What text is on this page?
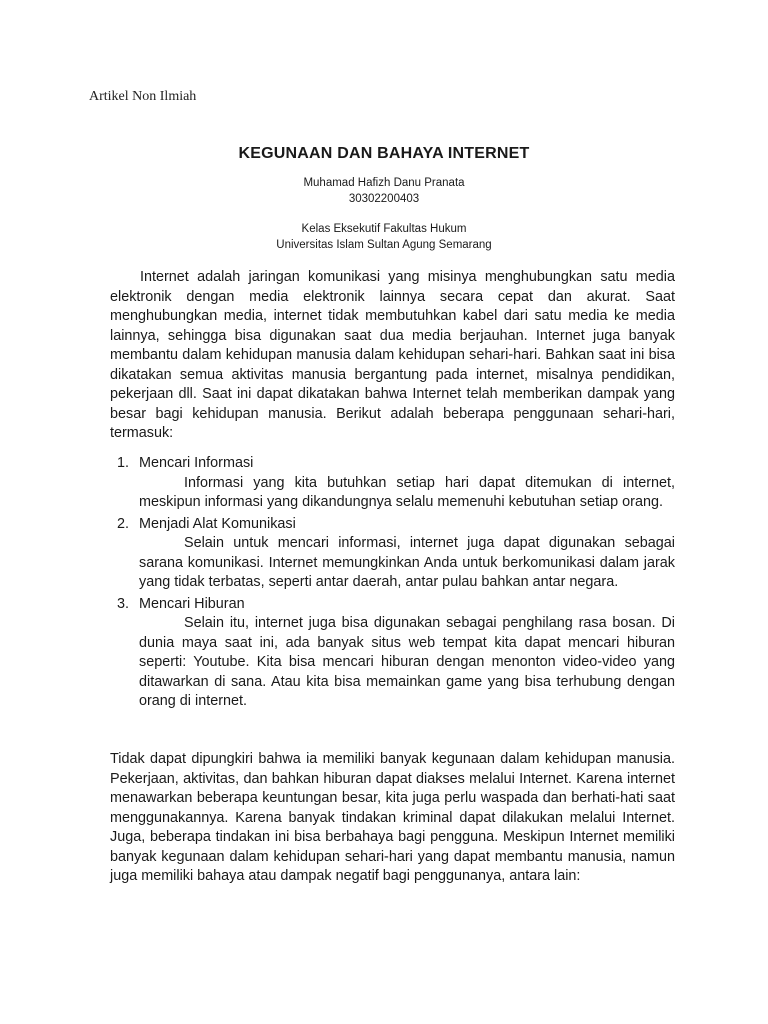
Artikel Non Ilmiah
KEGUNAAN DAN BAHAYA INTERNET
Muhamad Hafizh Danu Pranata
30302200403
Kelas Eksekutif Fakultas Hukum
Universitas Islam Sultan Agung Semarang

Internet adalah jaringan komunikasi yang misinya menghubungkan satu media elektronik dengan media elektronik lainnya secara cepat dan akurat. Saat menghubungkan media, internet tidak membutuhkan kabel dari satu media ke media lainnya, sehingga bisa digunakan saat dua media berjauhan. Internet juga banyak membantu dalam kehidupan manusia dalam kehidupan sehari-hari. Bahkan saat ini bisa dikatakan semua aktivitas manusia bergantung pada internet, misalnya pendidikan, pekerjaan dll. Saat ini dapat dikatakan bahwa Internet telah memberikan dampak yang besar bagi kehidupan manusia. Berikut adalah beberapa penggunaan sehari-hari, termasuk:

1. Mencari Informasi
Informasi yang kita butuhkan setiap hari dapat ditemukan di internet, meskipun informasi yang dikandungnya selalu memenuhi kebutuhan setiap orang.
2. Menjadi Alat Komunikasi
Selain untuk mencari informasi, internet juga dapat digunakan sebagai sarana komunikasi. Internet memungkinkan Anda untuk berkomunikasi dalam jarak yang tidak terbatas, seperti antar daerah, antar pulau bahkan antar negara.
3. Mencari Hiburan
Selain itu, internet juga bisa digunakan sebagai penghilang rasa bosan. Di dunia maya saat ini, ada banyak situs web tempat kita dapat mencari hiburan seperti: Youtube. Kita bisa mencari hiburan dengan menonton video-video yang ditawarkan di sana. Atau kita bisa memainkan game yang bisa terhubung dengan orang di internet.

Tidak dapat dipungkiri bahwa ia memiliki banyak kegunaan dalam kehidupan manusia. Pekerjaan, aktivitas, dan bahkan hiburan dapat diakses melalui Internet. Karena internet menawarkan beberapa keuntungan besar, kita juga perlu waspada dan berhati-hati saat menggunakannya. Karena banyak tindakan kriminal dapat dilakukan melalui Internet. Juga, beberapa tindakan ini bisa berbahaya bagi pengguna. Meskipun Internet memiliki banyak kegunaan dalam kehidupan sehari-hari yang dapat membantu manusia, namun juga memiliki bahaya atau dampak negatif bagi penggunanya, antara lain:
